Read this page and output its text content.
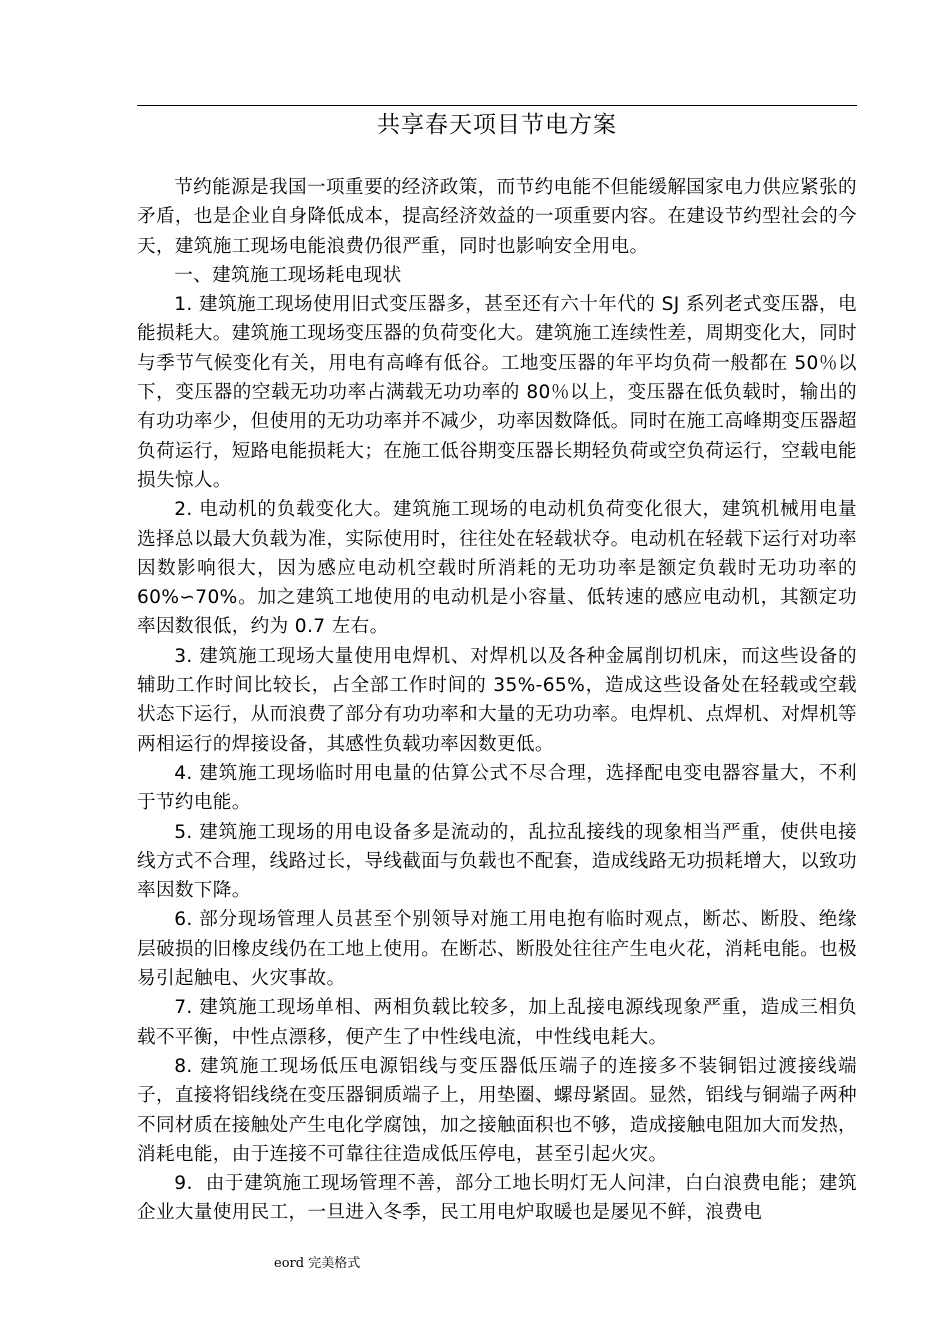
共享春天项目节电方案

节约能源是我国一项重要的经济政策，而节约电能不但能缓解国家电力供应紧张的矛盾，也是企业自身降低成本，提高经济效益的一项重要内容。在建设节约型社会的今天，建筑施工现场电能浪费仍很严重，同时也影响安全用电。

一、建筑施工现场耗电现状

1. 建筑施工现场使用旧式变压器多，甚至还有六十年代的 SJ 系列老式变压器，电能损耗大。建筑施工现场变压器的负荷变化大。建筑施工连续性差，周期变化大，同时与季节气候变化有关，用电有高峰有低谷。工地变压器的年平均负荷一般都在 50％以下，变压器的空载无功功率占满载无功功率的 80％以上，变压器在低负载时，输出的有功功率少，但使用的无功功率并不减少，功率因数降低。同时在施工高峰期变压器超负荷运行，短路电能损耗大；在施工低谷期变压器长期轻负荷或空负荷运行，空载电能损失惊人。

2. 电动机的负载变化大。建筑施工现场的电动机负荷变化很大，建筑机械用电量选择总以最大负载为准，实际使用时，往往处在轻载状夺。电动机在轻载下运行对功率因数影响很大，因为感应电动机空载时所消耗的无功功率是额定负载时无功功率的 60%∽70%。加之建筑工地使用的电动机是小容量、低转速的感应电动机，其额定功率因数很低，约为 0.7 左右。

3. 建筑施工现场大量使用电焊机、对焊机以及各种金属削切机床，而这些设备的辅助工作时间比较长，占全部工作时间的 35%-65%，造成这些设备处在轻载或空载状态下运行，从而浪费了部分有功功率和大量的无功功率。电焊机、点焊机、对焊机等两相运行的焊接设备，其感性负载功率因数更低。

4. 建筑施工现场临时用电量的估算公式不尽合理，选择配电变电器容量大，不利于节约电能。

5. 建筑施工现场的用电设备多是流动的，乱拉乱接线的现象相当严重，使供电接线方式不合理，线路过长，导线截面与负载也不配套，造成线路无功损耗增大，以致功率因数下降。

6. 部分现场管理人员甚至个别领导对施工用电抱有临时观点，断芯、断股、绝缘层破损的旧橡皮线仍在工地上使用。在断芯、断股处往往产生电火花，消耗电能。也极易引起触电、火灾事故。

7. 建筑施工现场单相、两相负载比较多，加上乱接电源线现象严重，造成三相负载不平衡，中性点漂移，便产生了中性线电流，中性线电耗大。

8. 建筑施工现场低压电源铝线与变压器低压端子的连接多不装铜铝过渡接线端子，直接将铝线绕在变压器铜质端子上，用垫圈、螺母紧固。显然，铝线与铜端子两种不同材质在接触处产生电化学腐蚀，加之接触面积也不够，造成接触电阻加大而发热，消耗电能，由于连接不可靠往往造成低压停电，甚至引起火灾。

9．由于建筑施工现场管理不善，部分工地长明灯无人问津，白白浪费电能；建筑企业大量使用民工，一旦进入冬季，民工用电炉取暖也是屡见不鲜，浪费电

eord 完美格式
